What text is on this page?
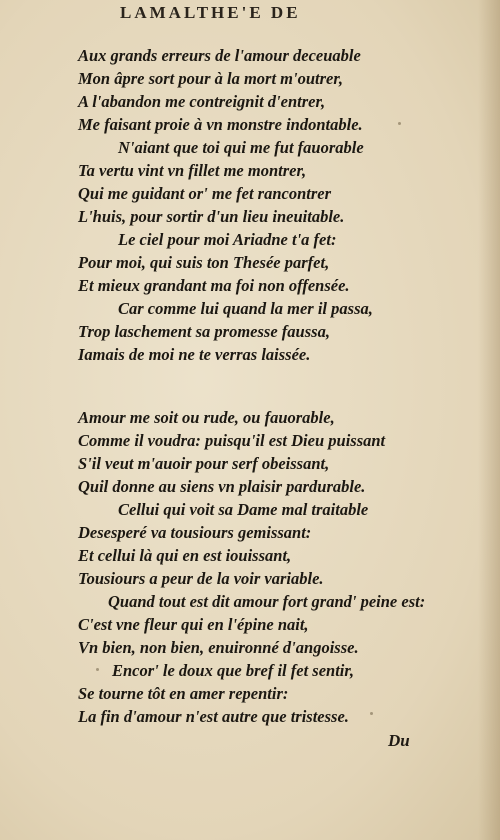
LAMALTHE'E DE
Aux grands erreurs de l'amour deceuable
Mon âpre sort pour à la mort m'outrer,
A l'abandon me contreignit d'entrer,
Me faisant proie à vn monstre indontable.
N'aiant que toi qui me fut fauorable
Ta vertu vint vn fillet me montrer,
Qui me guidant or' me fet rancontrer
L'huis, pour sortir d'un lieu ineuitable.
Le ciel pour moi Ariadne t'a fet:
Pour moi, qui suis ton Thesée parfet,
Et mieux grandant ma foi non offensée.
Car comme lui quand la mer il passa,
Trop laschement sa promesse faussa,
Iamais de moi ne te verras laissée.
Amour me soit ou rude, ou fauorable,
Comme il voudra: puisqu'il est Dieu puissant
S'il veut m'auoir pour serf obeissant,
Quil donne au siens vn plaisir pardurable.
Cellui qui voit sa Dame mal traitable
Desesperé va tousiours gemissant:
Et cellui là qui en est iouissant,
Tousiours a peur de la voir variable.
Quand tout est dit amour fort grand' peine est:
C'est vne fleur qui en l'épine nait,
Vn bien, non bien, enuironné d'angoisse.
Encor' le doux que bref il fet sentir,
Se tourne tôt en amer repentir:
La fin d'amour n'est autre que tristesse.
Du
